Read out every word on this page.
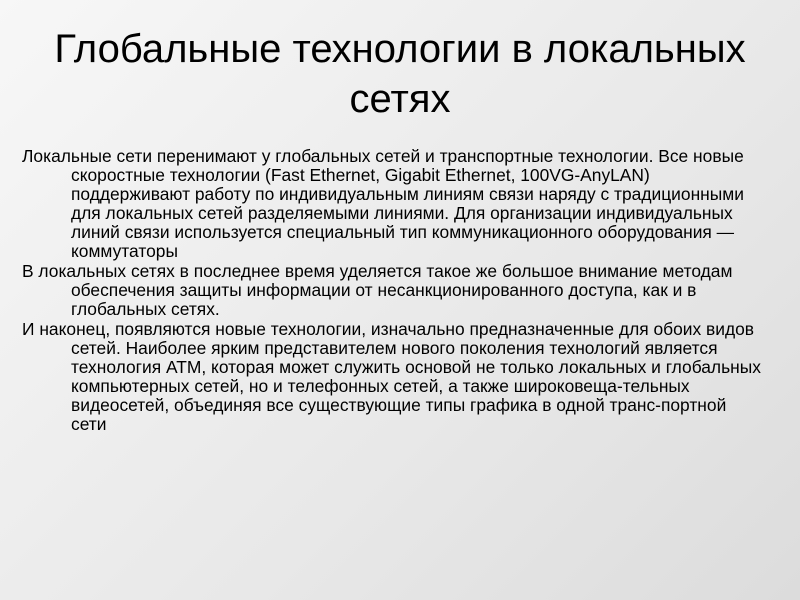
Глобальные технологии в локальных сетях

Локальные сети перенимают у глобальных сетей и транспортные технологии. Все новые скоростные технологии (Fast Ethernet, Gigabit Ethernet, 100VG-AnyLAN) поддерживают работу по индивидуальным линиям связи наряду с традиционными для локальных сетей разделяемыми линиями. Для организации индивидуальных линий связи используется специальный тип коммуникационного оборудования — коммутаторы

В локальных сетях в последнее время уделяется такое же большое внимание методам обеспечения защиты информации от несанкционированного доступа, как и в глобальных сетях.

И наконец, появляются новые технологии, изначально предназначенные для обоих видов сетей. Наиболее ярким представителем нового поколения технологий является технология ATM, которая может служить основой не только локальных и глобальных компьютерных сетей, но и телефонных сетей, а также широковеща-тельных видеосетей, объединяя все существующие типы графика в одной транс-портной сети
